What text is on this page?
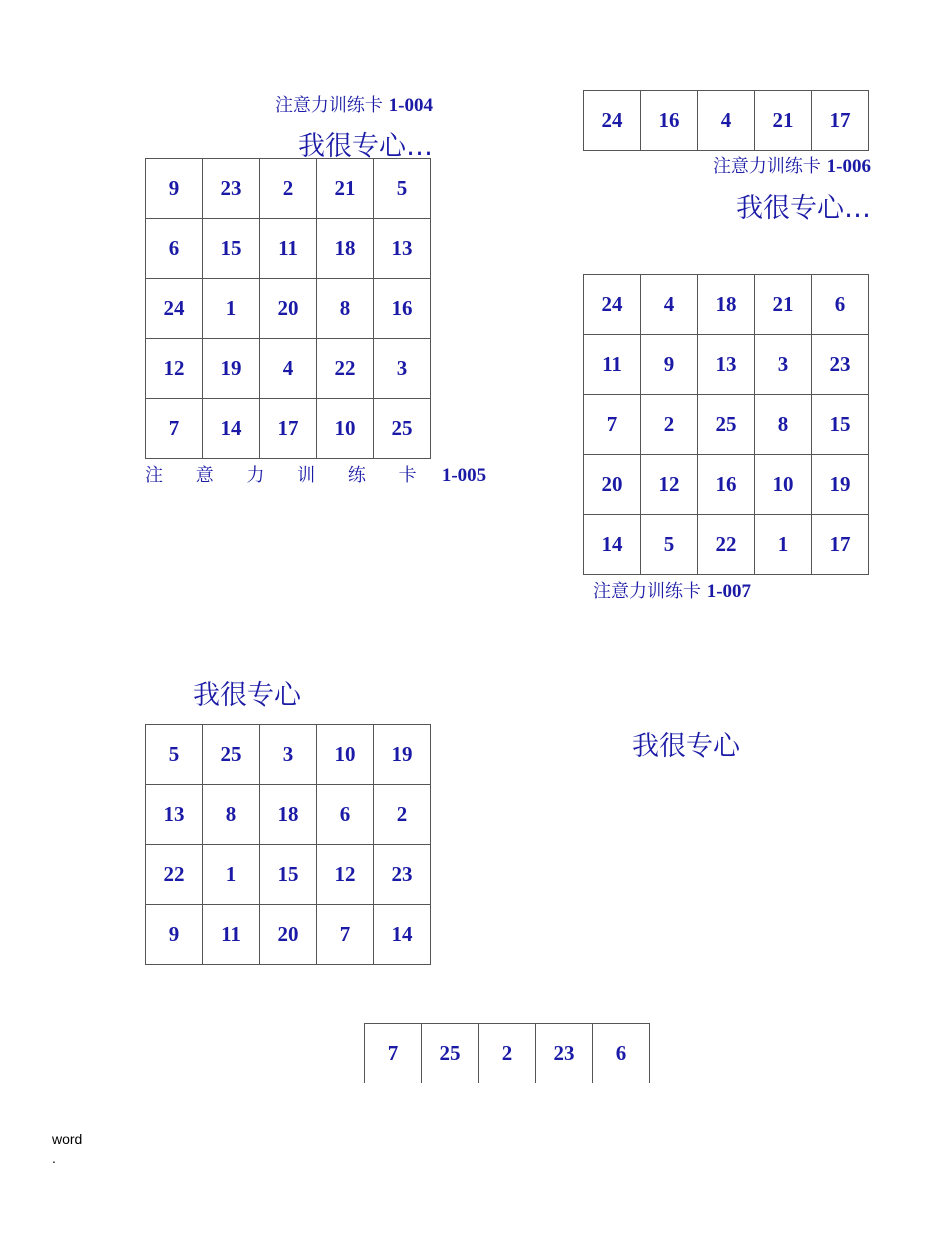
注意力训练卡 1-004
我很专心…
注 意 力 训 练 卡 1-005
注意力训练卡 1-006
我很专心…
注意力训练卡 1-007
我很专心
我很专心
9	23	2	21	5
6	15	11	18	13
24	1	20	8	16
12	19	4	22	3
7	14	17	10	25
24	16	4	21	17
24	4	18	21	6
11	9	13	3	23
7	2	25	8	15
20	12	16	10	19
14	5	22	1	17
5	25	3	10	19
13	8	18	6	2
22	1	15	12	23
9	11	20	7	14
7	25	2	23	6
word
.
